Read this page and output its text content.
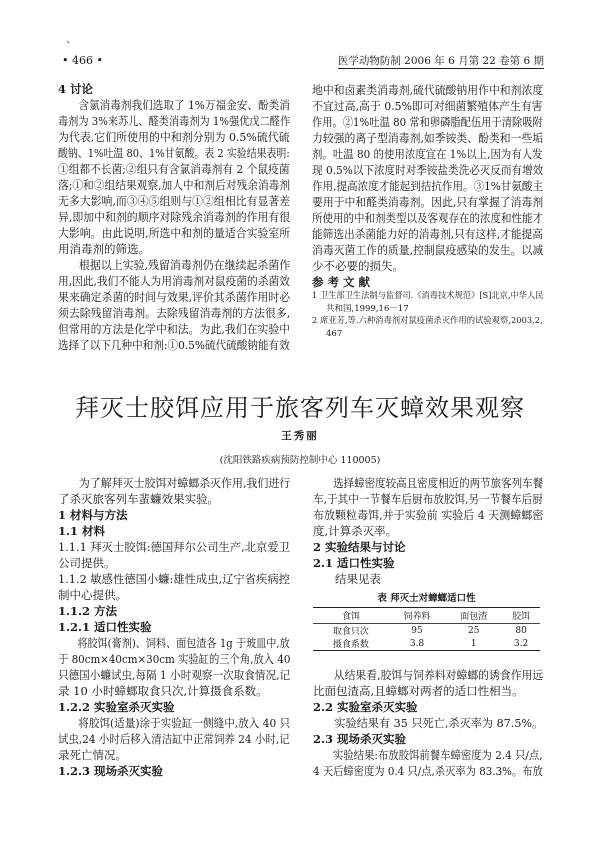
、
• 466 •	医学动物防制 2006 年 6 月第 22 卷第 6 期
4 讨论
含氯消毒剂我们选取了 1%万福金安、酚类消
毒剂为 3%来苏儿、醛类消毒剂为 1%强优戊二醛作
为代表,它们所使用的中和剂分别为 0.5%硫代硫
酸钠、1%吐温 80、1%甘氨酸。表 2 实验结果表明:
①组都不长菌;②组只有含氯消毒剂有 2 个鼠疫菌
落;①和②组结果观察,加人中和剂后对残余消毒剂
无多大影响,而③④⑤组则与①②组相比有显著差
异,即加中和剂的顺序对除残余消毒剂的作用有很
大影响。由此说明,所选中和剂的量适合实验室所
用消毒剂的筛选。
根据以上实验,残留消毒剂仍在继续起杀菌作
用,因此,我们不能人为用消毒剂对鼠疫菌的杀菌效
果来确定杀菌的时间与效果,评价其杀菌作用时必
须去除残留消毒剂。去除残留消毒剂的方法很多,
但常用的方法是化学中和法。为此,我们在实验中
选择了以下几种中和剂:①0.5%硫代硫酸钠能有效
地中和卤素类消毒剂,硫代硫酸钠用作中和剂浓度
不宜过高,高于 0.5%即可对细菌繁殖体产生有害
作用。②1%吐温 80 常和卵磷脂配伍用于清除吸附
力较强的离子型消毒剂,如季铵类、酚类和一些垢
剂。吐温 80 的使用浓度宜在 1%以上,因为有人发
现 0.5%以下浓度时对季铵盐类洗必灭反而有增效
作用,提高浓度才能起到拮抗作用。③1%甘氨酸主
要用于中和醛类消毒剂。因此,只有掌握了消毒剂
所使用的中和剂类型以及客观存在的浓度和性能才
能筛选出杀菌能力好的消毒剂,只有这样,才能提高
消毒灭菌工作的质量,控制鼠疫感染的发生。以减
少不必要的损失。
参 考 文 献
1 卫生部卫生法制与监督司.《消毒技术规范》[S]北京,中华人民
共和国,1999,16－17
2 席亚芳,等.六种消毒剂对鼠疫菌杀灭作用的试验观察,2003,2,
467
拜灭士胶饵应用于旅客列车灭蟑效果观察
王秀丽
(沈阳铁路疾病预防控制中心 110005)
为了解拜灭士胶饵对蟑螂杀灭作用,我们进行
了杀灭旅客列车蜚蠊效果实验。
1 材料与方法
1.1 材料
1.1.1 拜灭士胶饵:德国拜尔公司生产,北京爱卫
公司提供。
1.1.2 敏感性德国小蠊:雄性成虫,辽宁省疾病控
制中心提供。
1.1.2 方法
1.2.1 适口性实验
将胶饵(膏剂)、饲料、面包渣各 1g 于玻皿中,放
于 80cm×40cm×30cm 实验缸的三个角,放入 40
只德国小蠊试虫,每隔 1 小时观察一次取食情况,记
录 10 小时蟑螂取食只次,计算摄食系数。
1.2.2 实验室杀灭实验
将胶饵(适量)涂于实验缸一侧缝中,放入 40 只
试虫,24 小时后移入清洁缸中正常饲养 24 小时,记
录死亡情况。
1.2.3 现场杀灭实验
选择蟑密度较高且密度相近的两节旅客列车餐
车,于其中一节餐车后厨布放胶饵,另一节餐车后厨
布放颗粒毒饵,并于实验前 实验后 4 天测蟑螂密
度,计算杀灭率。
2 实验结果与讨论
2.1 适口性实验
结果见表
表 拜灭士对蟑螂适口性
食饵	饲养料	面包渣	胶饵
取食只次	95	25	80
摄食系数	3.8	1	3.2
从结果看,胶饵与饲养料对蟑螂的诱食作用远
比面包渣高,且蟑螂对两者的适口性相当。
2.2 实验室杀灭实验
实验结果有 35 只死亡,杀灭率为 87.5%。
2.3 现场杀灭实验
实验结果:布放胶饵前餐车蟑密度为 2.4 只/点,
4 天后蟑密度为 0.4 只/点,杀灭率为 83.3%。布放
